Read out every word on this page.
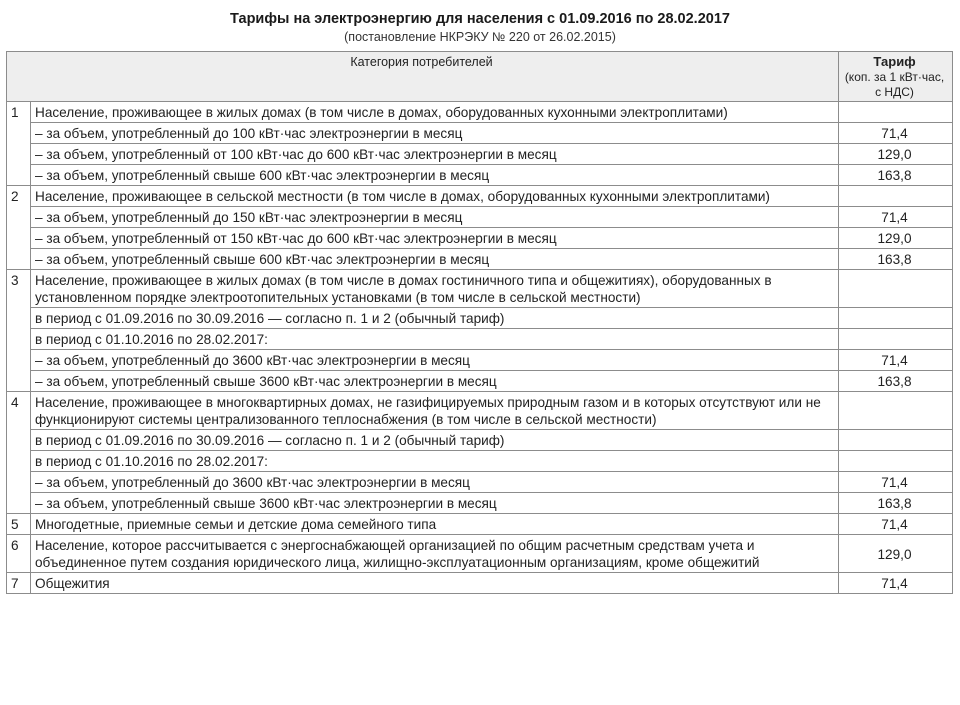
Тарифы на электроэнергию для населения с 01.09.2016 по 28.02.2017
(постановление НКРЭКУ № 220 от 26.02.2015)
Категория потребителей		Тариф
(коп. за 1 кВт·час, с НДС)
1	Население, проживающее в жилых домах (в том числе в домах, оборудованных кухонными электроплитами)	
	– за объем, употребленный до 100 кВт·час электроэнергии в месяц	71,4
	– за объем, употребленный от 100 кВт·час до 600 кВт·час электроэнергии в месяц	129,0
	– за объем, употребленный свыше 600 кВт·час электроэнергии в месяц	163,8
2	Население, проживающее в сельской местности (в том числе в домах, оборудованных кухонными электроплитами)	
	– за объем, употребленный до 150 кВт·час электроэнергии в месяц	71,4
	– за объем, употребленный от 150 кВт·час до 600 кВт·час электроэнергии в месяц	129,0
	– за объем, употребленный свыше 600 кВт·час электроэнергии в месяц	163,8
3	Население, проживающее в жилых домах (в том числе в домах гостиничного типа и общежитиях), оборудованных в установленном порядке электроотопительных установками (в том числе в сельской местности)	
	в период с 01.09.2016 по 30.09.2016 — согласно п. 1 и 2 (обычный тариф)	
	в период с 01.10.2016 по 28.02.2017:	
	– за объем, употребленный до 3600 кВт·час электроэнергии в месяц	71,4
	– за объем, употребленный свыше 3600 кВт·час электроэнергии в месяц	163,8
4	Население, проживающее в многоквартирных домах, не газифицируемых природным газом и в которых отсутствуют или не функционируют системы централизованного теплоснабжения (в том числе в сельской местности)	
	в период с 01.09.2016 по 30.09.2016 — согласно п. 1 и 2 (обычный тариф)	
	в период с 01.10.2016 по 28.02.2017:	
	– за объем, употребленный до 3600 кВт·час электроэнергии в месяц	71,4
	– за объем, употребленный свыше 3600 кВт·час электроэнергии в месяц	163,8
5	Многодетные, приемные семьи и детские дома семейного типа	71,4
6	Население, которое рассчитывается с энергоснабжающей организацией по общим расчетным средствам учета и объединенное путем создания юридического лица, жилищно-эксплуатационным организациям, кроме общежитий	129,0
7	Общежития	71,4
